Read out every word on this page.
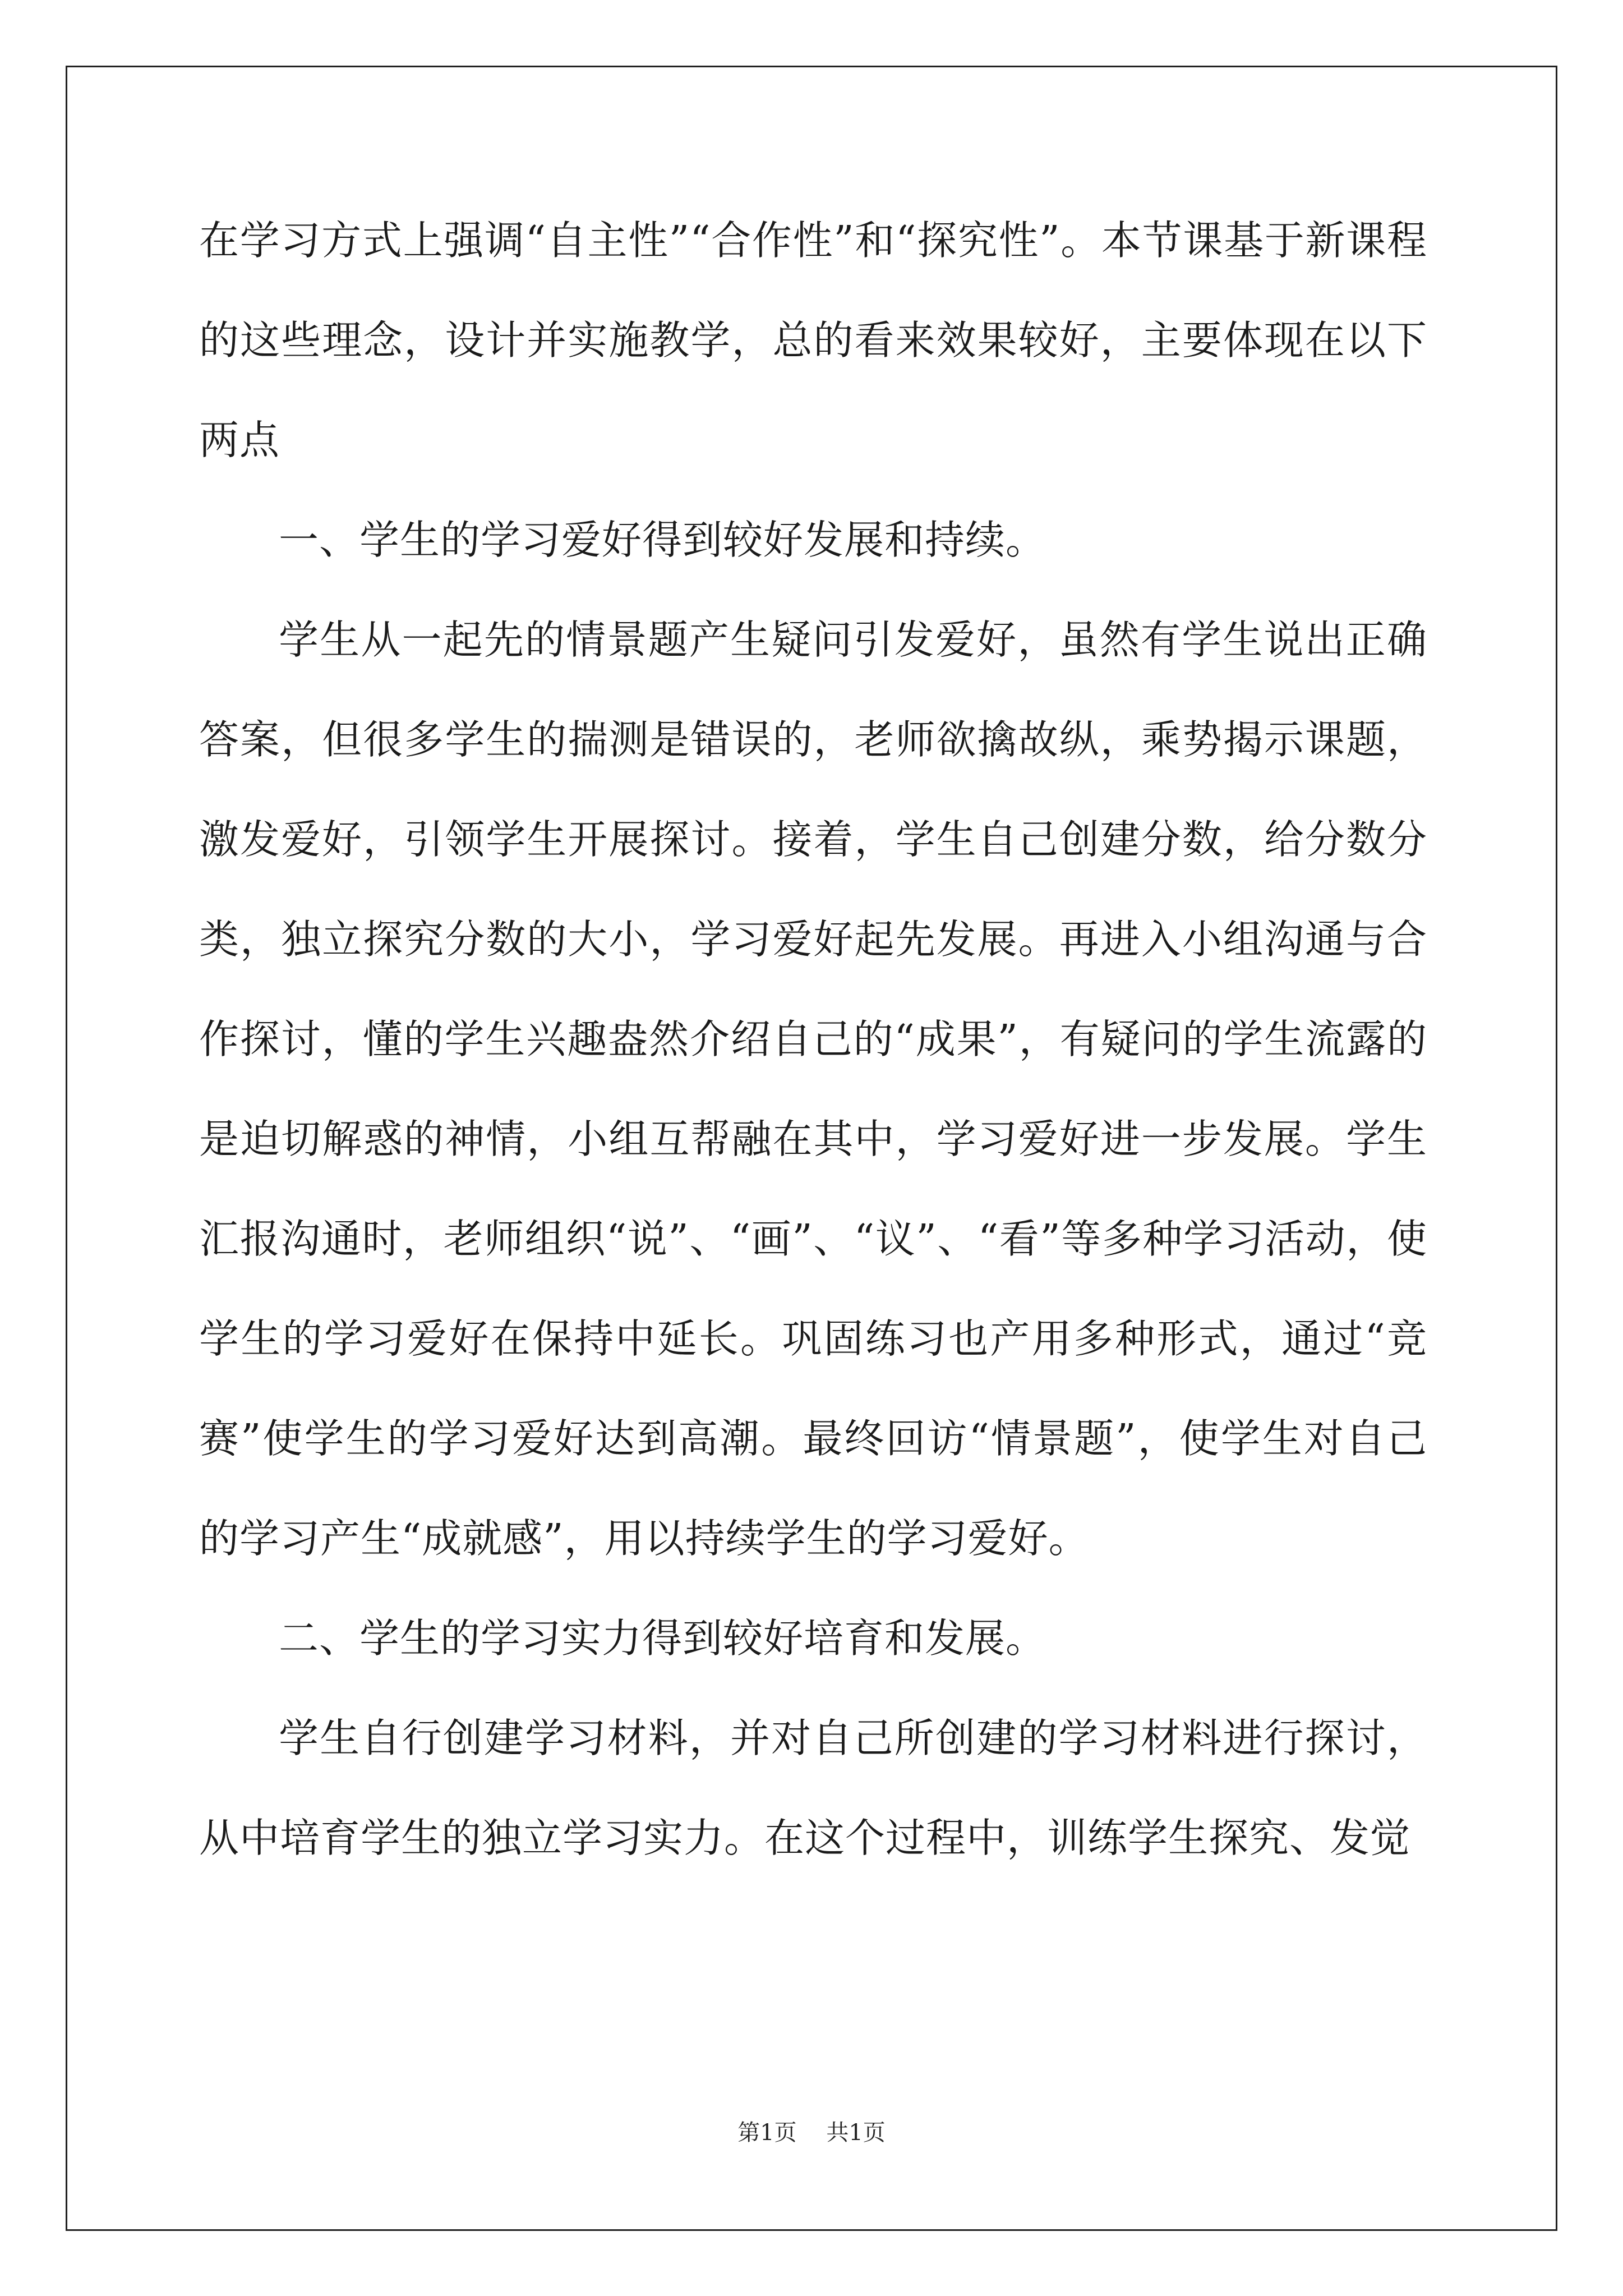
在学习方式上强调“自主性”“合作性”和“探究性”。本节课基于新课程的这些理念，设计并实施教学，总的看来效果较好，主要体现在以下两点

一、学生的学习爱好得到较好发展和持续。

学生从一起先的情景题产生疑问引发爱好，虽然有学生说出正确答案，但很多学生的揣测是错误的，老师欲擒故纵，乘势揭示课题，激发爱好，引领学生开展探讨。接着，学生自己创建分数，给分数分类，独立探究分数的大小，学习爱好起先发展。再进入小组沟通与合作探讨，懂的学生兴趣盎然介绍自己的“成果”，有疑问的学生流露的是迫切解惑的神情，小组互帮融在其中，学习爱好进一步发展。学生汇报沟通时，老师组织“说”、“画”、“议”、“看”等多种学习活动，使学生的学习爱好在保持中延长。巩固练习也产用多种形式，通过“竞赛”使学生的学习爱好达到高潮。最终回访“情景题”，使学生对自己的学习产生“成就感”，用以持续学生的学习爱好。

二、学生的学习实力得到较好培育和发展。

学生自行创建学习材料，并对自己所创建的学习材料进行探讨，从中培育学生的独立学习实力。在这个过程中，训练学生探究、发觉

第1页 共1页
